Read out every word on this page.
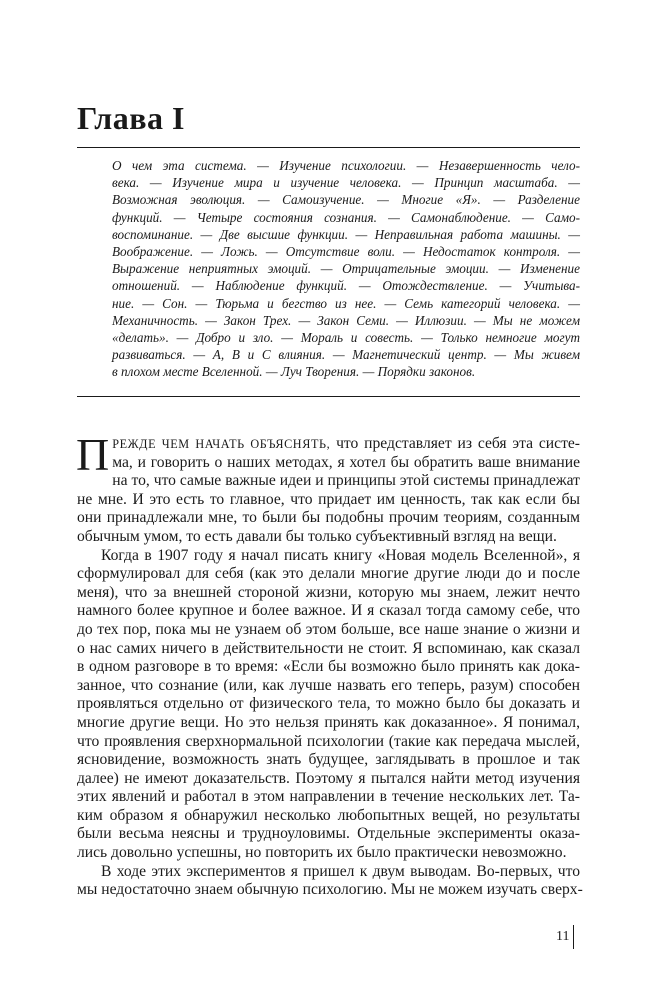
Глава I
О чем эта система. — Изучение психологии. — Незавершенность чело-
века. — Изучение мира и изучение человека. — Принцип масштаба. —
Возможная эволюция. — Самоизучение. — Многие «Я». — Разделение
функций. — Четыре состояния сознания. — Самонаблюдение. — Само-
воспоминание. — Две высшие функции. — Неправильная работа машины. —
Воображение. — Ложь. — Отсутствие воли. — Недостаток контроля. —
Выражение неприятных эмоций. — Отрицательные эмоции. — Изменение
отношений. — Наблюдение функций. — Отождествление. — Учитыва-
ние. — Сон. — Тюрьма и бегство из нее. — Семь категорий человека. —
Механичность. — Закон Трех. — Закон Семи. — Иллюзии. — Мы не можем
«делать». — Добро и зло. — Мораль и совесть. — Только немногие могут
развиваться. — А, В и С влияния. — Магнетический центр. — Мы живем
в плохом месте Вселенной. — Луч Творения. — Порядки законов.
П РЕЖДЕ ЧЕМ НАЧАТЬ ОБЪЯСНЯТЬ, что представляет из себя эта систе-
ма, и говорить о наших методах, я хотел бы обратить ваше внимание
на то, что самые важные идеи и принципы этой системы принадлежат
не мне. И это есть то главное, что придает им ценность, так как если бы
они принадлежали мне, то были бы подобны прочим теориям, созданным
обычным умом, то есть давали бы только субъективный взгляд на вещи.
Когда в 1907 году я начал писать книгу «Новая модель Вселенной», я
сформулировал для себя (как это делали многие другие люди до и после
меня), что за внешней стороной жизни, которую мы знаем, лежит нечто
намного более крупное и более важное. И я сказал тогда самому себе, что
до тех пор, пока мы не узнаем об этом больше, все наше знание о жизни и
о нас самих ничего в действительности не стоит. Я вспоминаю, как сказал
в одном разговоре в то время: «Если бы возможно было принять как дока-
занное, что сознание (или, как лучше назвать его теперь, разум) способен
проявляться отдельно от физического тела, то можно было бы доказать и
многие другие вещи. Но это нельзя принять как доказанное». Я понимал,
что проявления сверхнормальной психологии (такие как передача мыслей,
ясновидение, возможность знать будущее, заглядывать в прошлое и так
далее) не имеют доказательств. Поэтому я пытался найти метод изучения
этих явлений и работал в этом направлении в течение нескольких лет. Та-
ким образом я обнаружил несколько любопытных вещей, но результаты
были весьма неясны и трудноуловимы. Отдельные эксперименты оказа-
лись довольно успешны, но повторить их было практически невозможно.
В ходе этих экспериментов я пришел к двум выводам. Во-первых, что
мы недостаточно знаем обычную психологию. Мы не можем изучать сверх-
11
